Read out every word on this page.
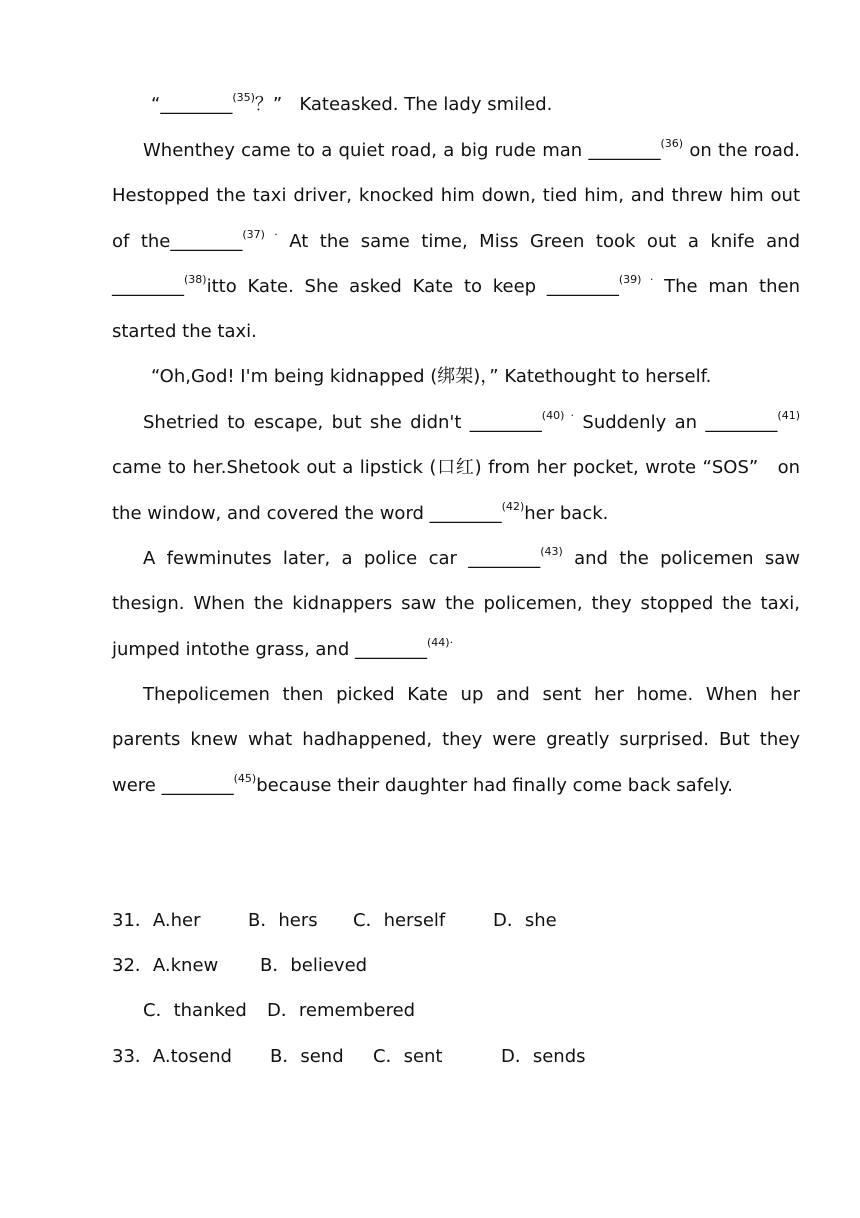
“________$^{(35)}$？”   Kateasked. The lady smiled.

Whenthey came to a quiet road, a big rude man ________$^{(36)}$ on the road. Hestopped the taxi driver, knocked him down, tied him, and threw him out of the________$^{(37) \cdot}$ At the same time, Miss Green took out a knife and ________$^{(38)}$itto Kate. She asked Kate to keep ________$^{(39) \cdot}$ The man then started the taxi.

“Oh,God! I'm being kidnapped (绑架)，” Katethought to herself.

Shetried to escape, but she didn't ________$^{(40) \cdot}$ Suddenly an ________$^{(41)}$ came to her.Shetook out a lipstick (口红) from her pocket, wrote “SOS”   on the window, and covered the word ________$^{(42)}$her back.

A fewminutes later, a police car ________$^{(43)}$ and the policemen saw thesign. When the kidnappers saw the policemen, they stopped the taxi, jumped intothe grass, and ________$^{(44)\cdot}$

Thepolicemen then picked Kate up and sent her home. When her parents knew what hadhappened, they were greatly surprised. But they were ________$^{(45)}$because their daughter had finally come back safely.

31．A.her	B．hers C．herself	D．she
32．A.knew B．believed
C．thanked D．remembered
33．A.tosend B．send C．sent	D．sends
